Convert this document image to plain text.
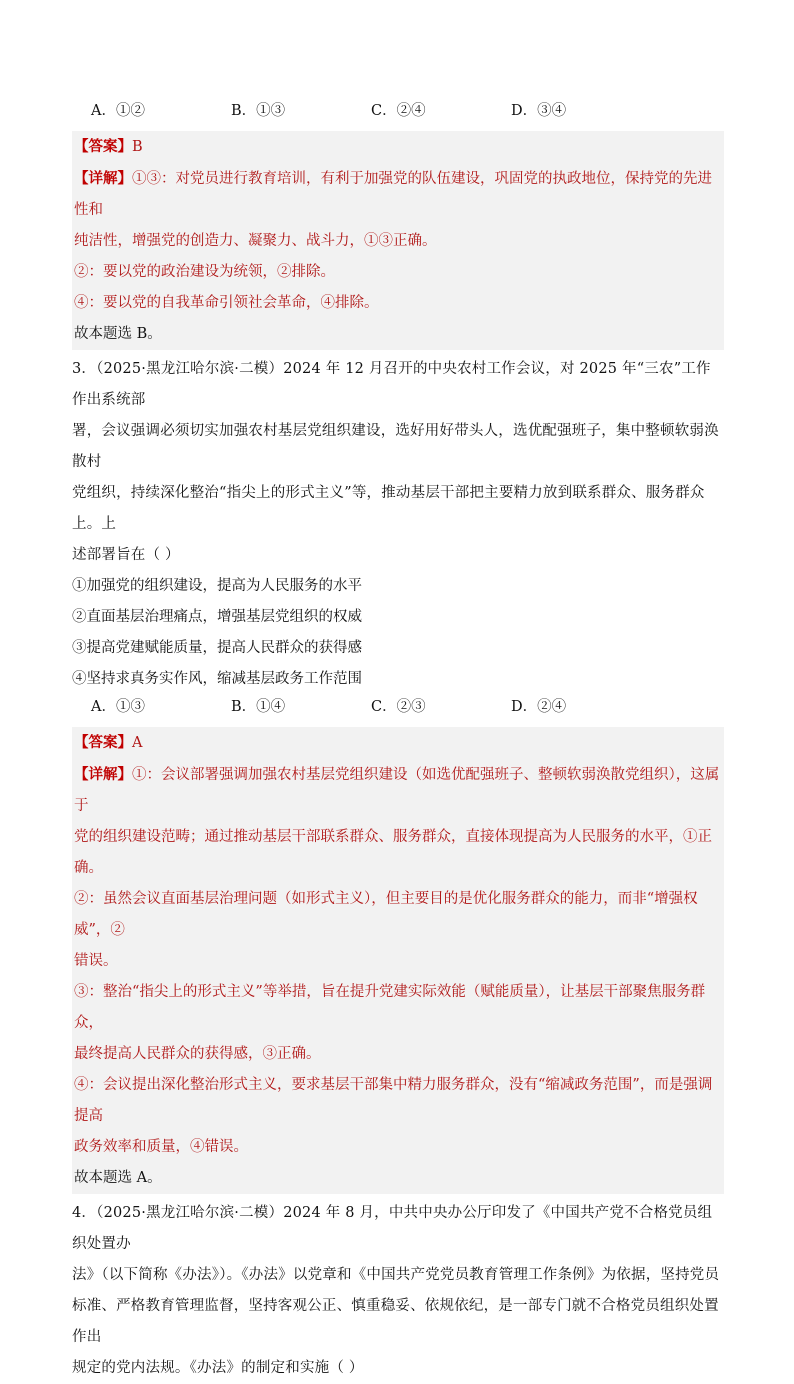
A．①②	B．①③	C．②④	D．③④
【答案】B
【详解】①③：对党员进行教育培训，有利于加强党的队伍建设，巩固党的执政地位，保持党的先进性和
纯洁性，增强党的创造力、凝聚力、战斗力，①③正确。
②：要以党的政治建设为统领，②排除。
④：要以党的自我革命引领社会革命，④排除。
故本题选 B。

3．（2025·黑龙江哈尔滨·二模）2024 年 12 月召开的中央农村工作会议，对 2025 年“三农”工作作出系统部

署，会议强调必须切实加强农村基层党组织建设，选好用好带头人，选优配强班子，集中整顿软弱涣散村

党组织，持续深化整治“指尖上的形式主义”等，推动基层干部把主要精力放到联系群众、服务群众上。上

述部署旨在（ ）

①加强党的组织建设，提高为人民服务的水平

②直面基层治理痛点，增强基层党组织的权威

③提高党建赋能质量，提高人民群众的获得感

④坚持求真务实作风，缩减基层政务工作范围

A．①③	B．①④	C．②③	D．②④
【答案】A
【详解】①：会议部署强调加强农村基层党组织建设（如选优配强班子、整顿软弱涣散党组织），这属于
党的组织建设范畴；通过推动基层干部联系群众、服务群众，直接体现提高为人民服务的水平，①正确。
②：虽然会议直面基层治理问题（如形式主义），但主要目的是优化服务群众的能力，而非“增强权威”，②
错误。
③：整治“指尖上的形式主义”等举措，旨在提升党建实际效能（赋能质量），让基层干部聚焦服务群众，
最终提高人民群众的获得感，③正确。
④：会议提出深化整治形式主义，要求基层干部集中精力服务群众，没有“缩减政务范围”，而是强调提高
政务效率和质量，④错误。
故本题选 A。

4．（2025·黑龙江哈尔滨·二模）2024 年 8 月，中共中央办公厅印发了《中国共产党不合格党员组织处置办

法》（以下简称《办法》）。《办法》以党章和《中国共产党党员教育管理工作条例》为依据，坚持党员

标准、严格教育管理监督，坚持客观公正、慎重稳妥、依规依纪，是一部专门就不合格党员组织处置作出

规定的党内法规。《办法》的制定和实施（ ）
